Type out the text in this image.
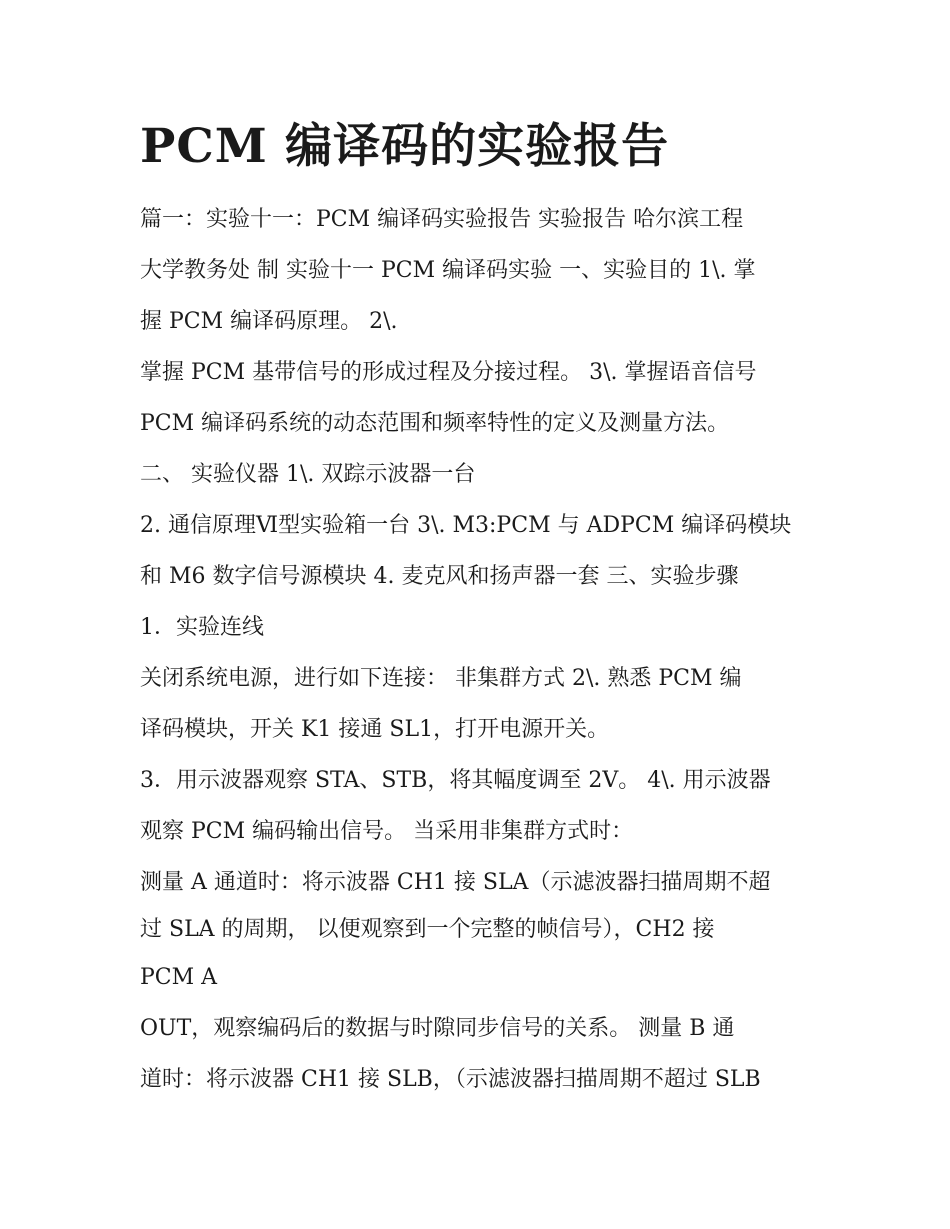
PCM 编译码的实验报告
篇一：实验十一：PCM 编译码实验报告 实验报告 哈尔滨工程
大学教务处 制 实验十一 PCM 编译码实验 一、实验目的 1\. 掌
握 PCM 编译码原理。 2\.
掌握 PCM 基带信号的形成过程及分接过程。 3\. 掌握语音信号
PCM 编译码系统的动态范围和频率特性的定义及测量方法。
二、 实验仪器 1\. 双踪示波器一台
2. 通信原理Ⅵ型实验箱一台 3\. M3:PCM 与 ADPCM 编译码模块
和 M6 数字信号源模块 4. 麦克风和扬声器一套 三、实验步骤
1．实验连线
关闭系统电源，进行如下连接： 非集群方式 2\. 熟悉 PCM 编
译码模块，开关 K1 接通 SL1，打开电源开关。
3．用示波器观察 STA、STB，将其幅度调至 2V。 4\. 用示波器
观察 PCM 编码输出信号。 当采用非集群方式时：
测量 A 通道时：将示波器 CH1 接 SLA（示滤波器扫描周期不超
过 SLA 的周期， 以便观察到一个完整的帧信号），CH2 接
PCM A
OUT，观察编码后的数据与时隙同步信号的关系。 测量 B 通
道时：将示波器 CH1 接 SLB，（示滤波器扫描周期不超过 SLB
